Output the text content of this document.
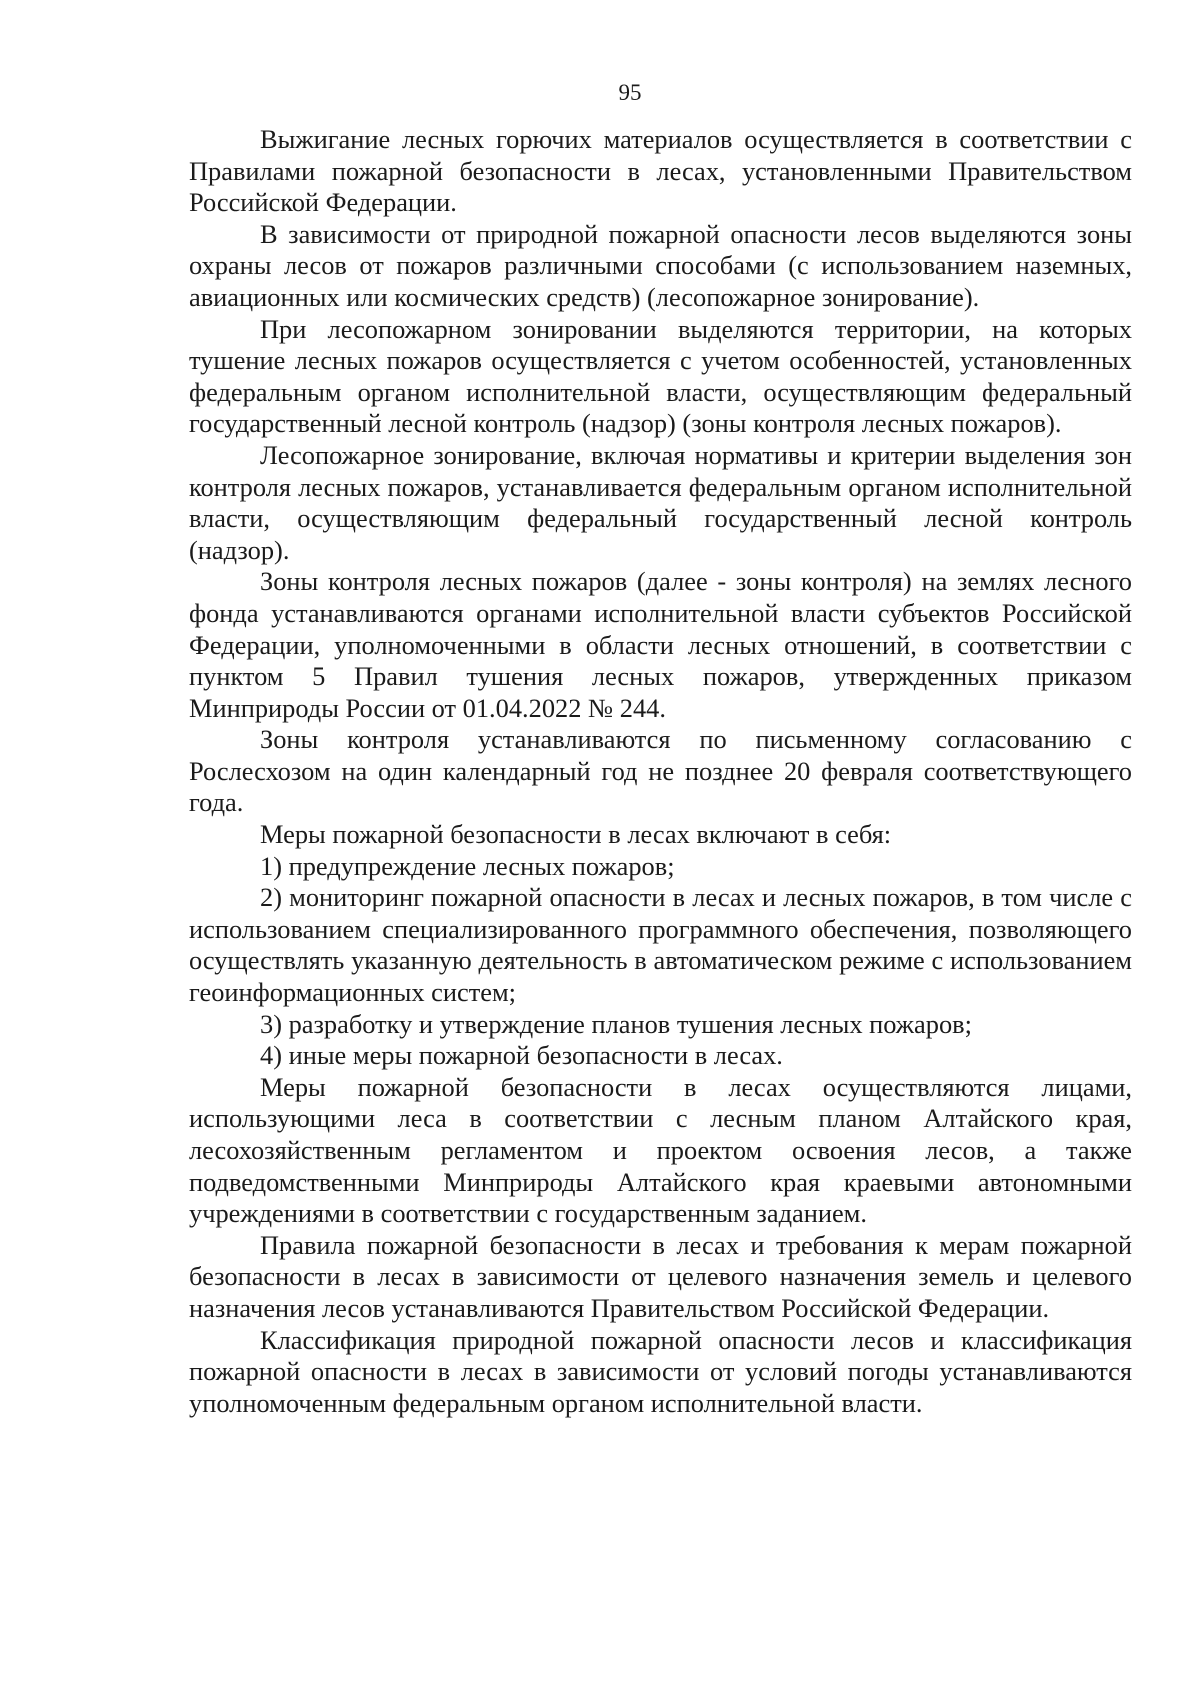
95

Выжигание лесных горючих материалов осуществляется в соответствии с Правилами пожарной безопасности в лесах, установленными Правительством Российской Федерации.

В зависимости от природной пожарной опасности лесов выделяются зоны охраны лесов от пожаров различными способами (с использованием наземных, авиационных или космических средств) (лесопожарное зонирование).

При лесопожарном зонировании выделяются территории, на которых тушение лесных пожаров осуществляется с учетом особенностей, установленных федеральным органом исполнительной власти, осуществляющим федеральный государственный лесной контроль (надзор) (зоны контроля лесных пожаров).

Лесопожарное зонирование, включая нормативы и критерии выделения зон контроля лесных пожаров, устанавливается федеральным органом исполнительной власти, осуществляющим федеральный государственный лесной контроль (надзор).

Зоны контроля лесных пожаров (далее - зоны контроля) на землях лесного фонда устанавливаются органами исполнительной власти субъектов Российской Федерации, уполномоченными в области лесных отношений, в соответствии с пунктом 5 Правил тушения лесных пожаров, утвержденных приказом Минприроды России от 01.04.2022 № 244.

Зоны контроля устанавливаются по письменному согласованию с Рослесхозом на один календарный год не позднее 20 февраля соответствующего года.

Меры пожарной безопасности в лесах включают в себя:

1) предупреждение лесных пожаров;

2) мониторинг пожарной опасности в лесах и лесных пожаров, в том числе с использованием специализированного программного обеспечения, позволяющего осуществлять указанную деятельность в автоматическом режиме с использованием геоинформационных систем;

3) разработку и утверждение планов тушения лесных пожаров;

4) иные меры пожарной безопасности в лесах.

Меры пожарной безопасности в лесах осуществляются лицами, использующими леса в соответствии с лесным планом Алтайского края, лесохозяйственным регламентом и проектом освоения лесов, а также подведомственными Минприроды Алтайского края краевыми автономными учреждениями в соответствии с государственным заданием.

Правила пожарной безопасности в лесах и требования к мерам пожарной безопасности в лесах в зависимости от целевого назначения земель и целевого назначения лесов устанавливаются Правительством Российской Федерации.

Классификация природной пожарной опасности лесов и классификация пожарной опасности в лесах в зависимости от условий погоды устанавливаются уполномоченным федеральным органом исполнительной власти.
